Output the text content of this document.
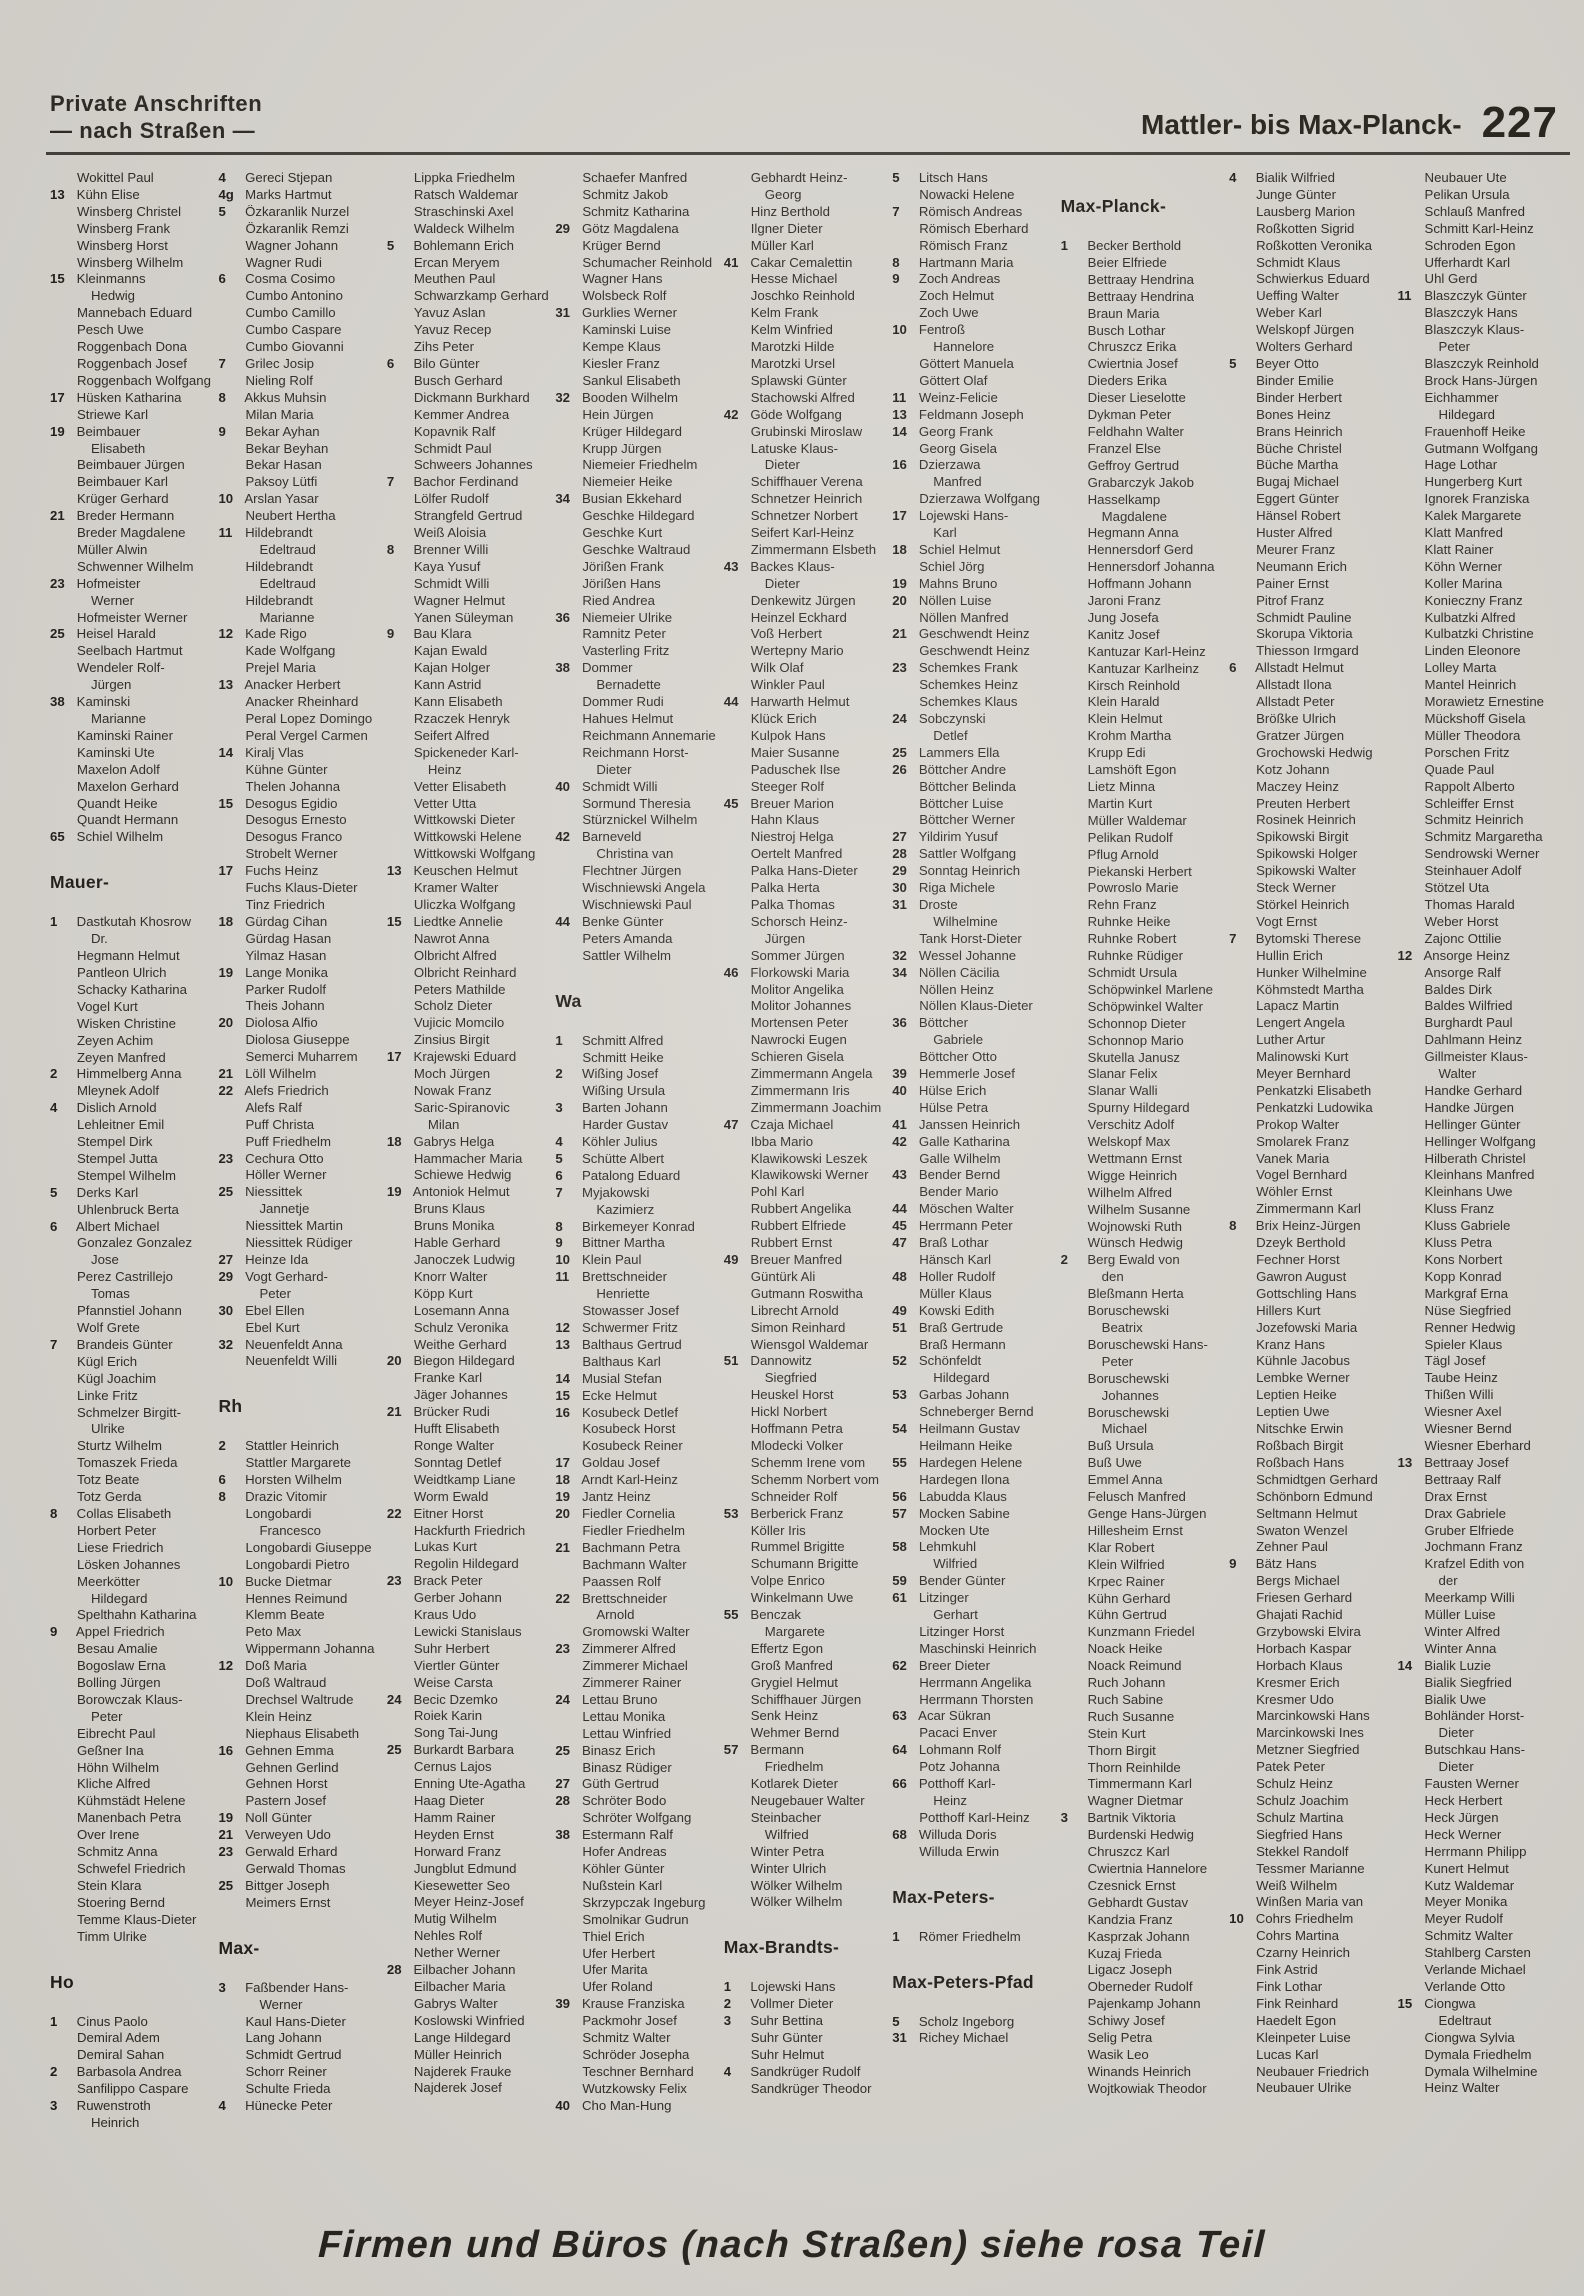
Private Anschriften
— nach Straßen —	Mattler- bis Max-Planck- 227
Wokittel Paul
13 Kühn Elise
Winsberg Christel
Winsberg Frank
Winsberg Horst
Winsberg Wilhelm
15 Kleinmanns
Hedwig
Mannebach Eduard
Pesch Uwe
Roggenbach Dona
Roggenbach Josef
Roggenbach Wolfgang
17 Hüsken Katharina
Striewe Karl
19 Beimbauer
Elisabeth
Beimbauer Jürgen
Beimbauer Karl
Krüger Gerhard
21 Breder Hermann
Breder Magdalene
Müller Alwin
Schwenner Wilhelm
23 Hofmeister
Werner
Hofmeister Werner
25 Heisel Harald
Seelbach Hartmut
Wendeler Rolf-
Jürgen
38 Kaminski
Marianne
Kaminski Rainer
Kaminski Ute
Maxelon Adolf
Maxelon Gerhard
Quandt Heike
Quandt Hermann
65 Schiel Wilhelm
Mauer-
1 Dastkutah Khosrow
Dr.
Hegmann Helmut
Pantleon Ulrich
Schacky Katharina
Vogel Kurt
Wisken Christine
Zeyen Achim
Zeyen Manfred
2 Himmelberg Anna
Mleynek Adolf
4 Dislich Arnold
Lehleitner Emil
Stempel Dirk
Stempel Jutta
Stempel Wilhelm
5 Derks Karl
Uhlenbruck Berta
6 Albert Michael
Gonzalez Gonzalez
Jose
Perez Castrillejo
Tomas
Pfannstiel Johann
Wolf Grete
7 Brandeis Günter
Kügl Erich
Kügl Joachim
Linke Fritz
Schmelzer Birgitt-
Ulrike
Sturtz Wilhelm
Tomaszek Frieda
Totz Beate
Totz Gerda
8 Collas Elisabeth
Horbert Peter
Liese Friedrich
Lösken Johannes
Meerkötter
Hildegard
Spelthahn Katharina
9 Appel Friedrich
Besau Amalie
Bogoslaw Erna
Bolling Jürgen
Borowczak Klaus-
Peter
Eibrecht Paul
Geßner Ina
Höhn Wilhelm
Kliche Alfred
Kühmstädt Helene
Manenbach Petra
Over Irene
Schmitz Anna
Schwefel Friedrich
Stein Klara
Stoering Bernd
Temme Klaus-Dieter
Timm Ulrike
Ho
1 Cinus Paolo
Demiral Adem
Demiral Sahan
2 Barbasola Andrea
Sanfilippo Caspare
3 Ruwenstroth
Heinrich
4 Gereci Stjepan
4g Marks Hartmut
5 Özkaranlik Nurzel
Özkaranlik Remzi
Wagner Johann
Wagner Rudi
6 Cosma Cosimo
Cumbo Antonino
Cumbo Camillo
Cumbo Caspare
Cumbo Giovanni
7 Grilec Josip
Nieling Rolf
8 Akkus Muhsin
Milan Maria
9 Bekar Ayhan
Bekar Beyhan
Bekar Hasan
Paksoy Lütfi
10 Arslan Yasar
Neubert Hertha
11 Hildebrandt
Edeltraud
Hildebrandt
Edeltraud
Hildebrandt
Marianne
12 Kade Rigo
Kade Wolfgang
Prejel Maria
13 Anacker Herbert
Anacker Rheinhard
Peral Lopez Domingo
Peral Vergel Carmen
14 Kiralj Vlas
Kühne Günter
Thelen Johanna
15 Desogus Egidio
Desogus Ernesto
Desogus Franco
Strobelt Werner
17 Fuchs Heinz
Fuchs Klaus-Dieter
Tinz Friedrich
18 Gürdag Cihan
Gürdag Hasan
Yilmaz Hasan
19 Lange Monika
Parker Rudolf
Theis Johann
20 Diolosa Alfio
Diolosa Giuseppe
Semerci Muharrem
21 Löll Wilhelm
22 Alefs Friedrich
Alefs Ralf
Puff Christa
Puff Friedhelm
23 Cechura Otto
Höller Werner
25 Niessittek
Jannetje
Niessittek Martin
Niessittek Rüdiger
27 Heinze Ida
29 Vogt Gerhard-
Peter
30 Ebel Ellen
Ebel Kurt
32 Neuenfeldt Anna
Neuenfeldt Willi
Rh
2 Stattler Heinrich
Stattler Margarete
6 Horsten Wilhelm
8 Drazic Vitomir
Longobardi
Francesco
Longobardi Giuseppe
Longobardi Pietro
10 Bucke Dietmar
Hennes Reimund
Klemm Beate
Peto Max
Wippermann Johanna
12 Doß Maria
Doß Waltraud
Drechsel Waltrude
Klein Heinz
Niephaus Elisabeth
16 Gehnen Emma
Gehnen Gerlind
Gehnen Horst
Pastern Josef
19 Noll Günter
21 Verweyen Udo
23 Gerwald Erhard
Gerwald Thomas
25 Bittger Joseph
Meimers Ernst
Max-
3 Faßbender Hans-
Werner
Kaul Hans-Dieter
Lang Johann
Schmidt Gertrud
Schorr Reiner
Schulte Frieda
4 Hünecke Peter
Lippka Friedhelm
Ratsch Waldemar
Straschinski Axel
Waldeck Wilhelm
5 Bohlemann Erich
Ercan Meryem
Meuthen Paul
Schwarzkamp Gerhard
Yavuz Aslan
Yavuz Recep
Zihs Peter
6 Bilo Günter
Busch Gerhard
Dickmann Burkhard
Kemmer Andrea
Kopavnik Ralf
Schmidt Paul
Schweers Johannes
7 Bachor Ferdinand
Lölfer Rudolf
Strangfeld Gertrud
Weiß Aloisia
8 Brenner Willi
Kaya Yusuf
Schmidt Willi
Wagner Helmut
Yanen Süleyman
9 Bau Klara
Kajan Ewald
Kajan Holger
Kann Astrid
Kann Elisabeth
Rzaczek Henryk
Seifert Alfred
Spickeneder Karl-
Heinz
Vetter Elisabeth
Vetter Utta
Wittkowski Dieter
Wittkowski Helene
Wittkowski Wolfgang
13 Keuschen Helmut
Kramer Walter
Uliczka Wolfgang
15 Liedtke Annelie
Nawrot Anna
Olbricht Alfred
Olbricht Reinhard
Peters Mathilde
Scholz Dieter
Vujicic Momcilo
Zinsius Birgit
17 Krajewski Eduard
Moch Jürgen
Nowak Franz
Saric-Spiranovic
Milan
18 Gabrys Helga
Hammacher Maria
Schiewe Hedwig
19 Antoniok Helmut
Bruns Klaus
Bruns Monika
Hable Gerhard
Janoczek Ludwig
Knorr Walter
Köpp Kurt
Losemann Anna
Schulz Veronika
Weithe Gerhard
20 Biegon Hildegard
Franke Karl
Jäger Johannes
21 Brücker Rudi
Hufft Elisabeth
Ronge Walter
Sonntag Detlef
Weidtkamp Liane
Worm Ewald
22 Eitner Horst
Hackfurth Friedrich
Lukas Kurt
Regolin Hildegard
23 Brack Peter
Gerber Johann
Kraus Udo
Lewicki Stanislaus
Suhr Herbert
Viertler Günter
Weise Carsta
24 Becic Dzemko
Roiek Karin
Song Tai-Jung
25 Burkardt Barbara
Cernus Lajos
Enning Ute-Agatha
Haag Dieter
Hamm Rainer
Heyden Ernst
Horward Franz
Jungblut Edmund
Kiesewetter Seo
Meyer Heinz-Josef
Mutig Wilhelm
Nehles Rolf
Nether Werner
28 Eilbacher Johann
Eilbacher Maria
Gabrys Walter
Koslowski Winfried
Lange Hildegard
Müller Heinrich
Najderek Frauke
Najderek Josef
Schaefer Manfred
Schmitz Jakob
Schmitz Katharina
29 Götz Magdalena
Krüger Bernd
Schumacher Reinhold
Wagner Hans
Wolsbeck Rolf
31 Gurklies Werner
Kaminski Luise
Kempe Klaus
Kiesler Franz
Sankul Elisabeth
32 Booden Wilhelm
Hein Jürgen
Krüger Hildegard
Krupp Jürgen
Niemeier Friedhelm
Niemeier Heike
34 Busian Ekkehard
Geschke Hildegard
Geschke Kurt
Geschke Waltraud
Jörißen Frank
Jörißen Hans
Ried Andrea
36 Niemeier Ulrike
Ramnitz Peter
Vasterling Fritz
38 Dommer
Bernadette
Dommer Rudi
Hahues Helmut
Reichmann Annemarie
Reichmann Horst-
Dieter
40 Schmidt Willi
Sormund Theresia
Stürznickel Wilhelm
42 Barneveld
Christina van
Flechtner Jürgen
Wischniewski Angela
Wischniewski Paul
44 Benke Günter
Peters Amanda
Sattler Wilhelm
Wa
1 Schmitt Alfred
Schmitt Heike
2 Wißing Josef
Wißing Ursula
3 Barten Johann
Harder Gustav
4 Köhler Julius
5 Schütte Albert
6 Patalong Eduard
7 Myjakowski
Kazimierz
8 Birkemeyer Konrad
9 Bittner Martha
10 Klein Paul
11 Brettschneider
Henriette
Stowasser Josef
12 Schwermer Fritz
13 Balthaus Gertrud
Balthaus Karl
14 Musial Stefan
15 Ecke Helmut
16 Kosubeck Detlef
Kosubeck Horst
Kosubeck Reiner
17 Goldau Josef
18 Arndt Karl-Heinz
19 Jantz Heinz
20 Fiedler Cornelia
Fiedler Friedhelm
21 Bachmann Petra
Bachmann Walter
Paassen Rolf
22 Brettschneider
Arnold
Gromowski Walter
23 Zimmerer Alfred
Zimmerer Michael
Zimmerer Rainer
24 Lettau Bruno
Lettau Monika
Lettau Winfried
25 Binasz Erich
Binasz Rüdiger
27 Güth Gertrud
28 Schröter Bodo
Schröter Wolfgang
38 Estermann Ralf
Hofer Andreas
Köhler Günter
Nußstein Karl
Skrzypczak Ingeburg
Smolnikar Gudrun
Thiel Erich
Ufer Herbert
Ufer Marita
Ufer Roland
39 Krause Franziska
Packmohr Josef
Schmitz Walter
Schröder Josepha
Teschner Bernhard
Wutzkowsky Felix
40 Cho Man-Hung
Gebhardt Heinz-
Georg
Hinz Berthold
Ilgner Dieter
Müller Karl
41 Cakar Cemalettin
Hesse Michael
Joschko Reinhold
Kelm Frank
Kelm Winfried
Marotzki Hilde
Marotzki Ursel
Splawski Günter
Stachowski Alfred
42 Göde Wolfgang
Grubinski Miroslaw
Latuske Klaus-
Dieter
Schiffhauer Verena
Schnetzer Heinrich
Schnetzer Norbert
Seifert Karl-Heinz
Zimmermann Elsbeth
43 Backes Klaus-
Dieter
Denkewitz Jürgen
Heinzel Eckhard
Voß Herbert
Wertepny Mario
Wilk Olaf
Winkler Paul
44 Harwarth Helmut
Klück Erich
Kulpok Hans
Maier Susanne
Paduschek Ilse
Steeger Rolf
45 Breuer Marion
Hahn Klaus
Niestroj Helga
Oertelt Manfred
Palka Hans-Dieter
Palka Herta
Palka Thomas
Schorsch Heinz-
Jürgen
Sommer Jürgen
46 Florkowski Maria
Molitor Angelika
Molitor Johannes
Mortensen Peter
Nawrocki Eugen
Schieren Gisela
Zimmermann Angela
Zimmermann Iris
Zimmermann Joachim
47 Czaja Michael
Ibba Mario
Klawikowski Leszek
Klawikowski Werner
Pohl Karl
Rubbert Angelika
Rubbert Elfriede
Rubbert Ernst
49 Breuer Manfred
Güntürk Ali
Gutmann Roswitha
Librecht Arnold
Simon Reinhard
Wiensgol Waldemar
51 Dannowitz
Siegfried
Heuskel Horst
Hickl Norbert
Hoffmann Petra
Mlodecki Volker
Schemm Irene vom
Schemm Norbert vom
Schneider Rolf
53 Berberick Franz
Köller Iris
Rummel Brigitte
Schumann Brigitte
Volpe Enrico
Winkelmann Uwe
55 Benczak
Margarete
Effertz Egon
Groß Manfred
Grygiel Helmut
Schiffhauer Jürgen
Senk Heinz
Wehmer Bernd
57 Bermann
Friedhelm
Kotlarek Dieter
Neugebauer Walter
Steinbacher
Wilfried
Winter Petra
Winter Ulrich
Wölker Wilhelm
Wölker Wilhelm
Max-Brandts-
1 Lojewski Hans
2 Vollmer Dieter
3 Suhr Bettina
Suhr Günter
Suhr Helmut
4 Sandkrüger Rudolf
Sandkrüger Theodor
5 Litsch Hans
Nowacki Helene
7 Römisch Andreas
Römisch Eberhard
Römisch Franz
8 Hartmann Maria
9 Zoch Andreas
Zoch Helmut
Zoch Uwe
10 Fentroß
Hannelore
Göttert Manuela
Göttert Olaf
11 Weinz-Felicie
13 Feldmann Joseph
14 Georg Frank
Georg Gisela
16 Dzierzawa
Manfred
Dzierzawa Wolfgang
17 Lojewski Hans-
Karl
18 Schiel Helmut
Schiel Jörg
19 Mahns Bruno
20 Nöllen Luise
Nöllen Manfred
21 Geschwendt Heinz
Geschwendt Heinz
23 Schemkes Frank
Schemkes Heinz
Schemkes Klaus
24 Sobczynski
Detlef
25 Lammers Ella
26 Böttcher Andre
Böttcher Belinda
Böttcher Luise
Böttcher Werner
27 Yildirim Yusuf
28 Sattler Wolfgang
29 Sonntag Heinrich
30 Riga Michele
31 Droste
Wilhelmine
Tank Horst-Dieter
32 Wessel Johanne
34 Nöllen Cäcilia
Nöllen Heinz
Nöllen Klaus-Dieter
36 Böttcher
Gabriele
Böttcher Otto
39 Hemmerle Josef
40 Hülse Erich
Hülse Petra
41 Janssen Heinrich
42 Galle Katharina
Galle Wilhelm
43 Bender Bernd
Bender Mario
44 Möschen Walter
45 Herrmann Peter
47 Braß Lothar
Hänsch Karl
48 Holler Rudolf
Müller Klaus
49 Kowski Edith
51 Braß Gertrude
Braß Hermann
52 Schönfeldt
Hildegard
53 Garbas Johann
Schneberger Bernd
54 Heilmann Gustav
Heilmann Heike
55 Hardegen Helene
Hardegen Ilona
56 Labudda Klaus
57 Mocken Sabine
Mocken Ute
58 Lehmkuhl
Wilfried
59 Bender Günter
61 Litzinger
Gerhart
Litzinger Horst
Maschinski Heinrich
62 Breer Dieter
Herrmann Angelika
Herrmann Thorsten
63 Acar Sükran
Pacaci Enver
64 Lohmann Rolf
Potz Johanna
66 Potthoff Karl-
Heinz
Potthoff Karl-Heinz
68 Willuda Doris
Willuda Erwin
Max-Peters-
1 Römer Friedhelm
Max-Peters-Pfad
5 Scholz Ingeborg
31 Richey Michael
Max-Planck-
1 Becker Berthold
Beier Elfriede
Bettraay Hendrina
Bettraay Hendrina
Braun Maria
Busch Lothar
Chruszcz Erika
Cwiertnia Josef
Dieders Erika
Dieser Lieselotte
Dykman Peter
Feldhahn Walter
Franzel Else
Geffroy Gertrud
Grabarczyk Jakob
Hasselkamp
Magdalene
Hegmann Anna
Hennersdorf Gerd
Hennersdorf Johanna
Hoffmann Johann
Jaroni Franz
Jung Josefa
Kanitz Josef
Kantuzar Karl-Heinz
Kantuzar Karlheinz
Kirsch Reinhold
Klein Harald
Klein Helmut
Krohm Martha
Krupp Edi
Lamshöft Egon
Lietz Minna
Martin Kurt
Müller Waldemar
Pelikan Rudolf
Pflug Arnold
Piekanski Herbert
Powroslo Marie
Rehn Franz
Ruhnke Heike
Ruhnke Robert
Ruhnke Rüdiger
Schmidt Ursula
Schöpwinkel Marlene
Schöpwinkel Walter
Schonnop Dieter
Schonnop Mario
Skutella Janusz
Slanar Felix
Slanar Walli
Spurny Hildegard
Verschitz Adolf
Welskopf Max
Wettmann Ernst
Wigge Heinrich
Wilhelm Alfred
Wilhelm Susanne
Wojnowski Ruth
Wünsch Hedwig
2 Berg Ewald von
den
Bleßmann Herta
Boruschewski
Beatrix
Boruschewski Hans-
Peter
Boruschewski
Johannes
Boruschewski
Michael
Buß Ursula
Buß Uwe
Emmel Anna
Felusch Manfred
Genge Hans-Jürgen
Hillesheim Ernst
Klar Robert
Klein Wilfried
Krpec Rainer
Kühn Gerhard
Kühn Gertrud
Kunzmann Friedel
Noack Heike
Noack Reimund
Ruch Johann
Ruch Sabine
Ruch Susanne
Stein Kurt
Thorn Birgit
Thorn Reinhilde
Timmermann Karl
Wagner Dietmar
3 Bartnik Viktoria
Burdenski Hedwig
Chruszcz Karl
Cwiertnia Hannelore
Czesnick Ernst
Gebhardt Gustav
Kandzia Franz
Kasprzak Johann
Kuzaj Frieda
Ligacz Joseph
Oberneder Rudolf
Pajenkamp Johann
Schiwy Josef
Selig Petra
Wasik Leo
Winands Heinrich
Wojtkowiak Theodor
4 Bialik Wilfried
Junge Günter
Lausberg Marion
Roßkotten Sigrid
Roßkotten Veronika
Schmidt Klaus
Schwierkus Eduard
Ueffing Walter
Weber Karl
Welskopf Jürgen
Wolters Gerhard
5 Beyer Otto
Binder Emilie
Binder Herbert
Bones Heinz
Brans Heinrich
Büche Christel
Büche Martha
Bugaj Michael
Eggert Günter
Hänsel Robert
Huster Alfred
Meurer Franz
Neumann Erich
Painer Ernst
Pitrof Franz
Schmidt Pauline
Skorupa Viktoria
Thiesson Irmgard
6 Allstadt Helmut
Allstadt Ilona
Allstadt Peter
Brößke Ulrich
Gratzer Jürgen
Grochowski Hedwig
Kotz Johann
Maczey Heinz
Preuten Herbert
Rosinek Heinrich
Spikowski Birgit
Spikowski Holger
Spikowski Walter
Steck Werner
Störkel Heinrich
Vogt Ernst
7 Bytomski Therese
Hullin Erich
Hunker Wilhelmine
Köhmstedt Martha
Lapacz Martin
Lengert Angela
Luther Artur
Malinowski Kurt
Meyer Bernhard
Penkatzki Elisabeth
Penkatzki Ludowika
Prokop Walter
Smolarek Franz
Vanek Maria
Vogel Bernhard
Wöhler Ernst
Zimmermann Karl
8 Brix Heinz-Jürgen
Dzeyk Berthold
Fechner Horst
Gawron August
Gottschling Hans
Hillers Kurt
Jozefowski Maria
Kranz Hans
Kühnle Jacobus
Lembke Werner
Leptien Heike
Leptien Uwe
Nitschke Erwin
Roßbach Birgit
Roßbach Hans
Schmidtgen Gerhard
Schönborn Edmund
Seltmann Helmut
Swaton Wenzel
Zehner Paul
9 Bätz Hans
Bergs Michael
Friesen Gerhard
Ghajati Rachid
Grzybowski Elvira
Horbach Kaspar
Horbach Klaus
Kresmer Erich
Kresmer Udo
Marcinkowski Hans
Marcinkowski Ines
Metzner Siegfried
Patek Peter
Schulz Heinz
Schulz Joachim
Schulz Martina
Siegfried Hans
Stekkel Randolf
Tessmer Marianne
Weiß Wilhelm
Winßen Maria van
10 Cohrs Friedhelm
Cohrs Martina
Czarny Heinrich
Fink Astrid
Fink Lothar
Fink Reinhard
Haedelt Egon
Kleinpeter Luise
Lucas Karl
Neubauer Friedrich
Neubauer Ulrike
Neubauer Ute
Pelikan Ursula
Schlauß Manfred
Schmitt Karl-Heinz
Schroden Egon
Ufferhardt Karl
Uhl Gerd
11 Blaszczyk Günter
Blaszczyk Hans
Blaszczyk Klaus-
Peter
Blaszczyk Reinhold
Brock Hans-Jürgen
Eichhammer
Hildegard
Frauenhoff Heike
Gutmann Wolfgang
Hage Lothar
Hungerberg Kurt
Ignorek Franziska
Kalek Margarete
Klatt Manfred
Klatt Rainer
Köhn Werner
Koller Marina
Konieczny Franz
Kulbatzki Alfred
Kulbatzki Christine
Linden Eleonore
Lolley Marta
Mantel Heinrich
Morawietz Ernestine
Mückshoff Gisela
Müller Theodora
Porschen Fritz
Quade Paul
Rappolt Alberto
Schleiffer Ernst
Schmitz Heinrich
Schmitz Margaretha
Sendrowski Werner
Steinhauer Adolf
Stötzel Uta
Thomas Harald
Weber Horst
Zajonc Ottilie
12 Ansorge Heinz
Ansorge Ralf
Baldes Dirk
Baldes Wilfried
Burghardt Paul
Dahlmann Heinz
Gillmeister Klaus-
Walter
Handke Gerhard
Handke Jürgen
Hellinger Günter
Hellinger Wolfgang
Hilberath Christel
Kleinhans Manfred
Kleinhans Uwe
Kluss Franz
Kluss Gabriele
Kluss Petra
Kons Norbert
Kopp Konrad
Markgraf Erna
Nüse Siegfried
Renner Hedwig
Spieler Klaus
Tägl Josef
Taube Heinz
Thißen Willi
Wiesner Axel
Wiesner Bernd
Wiesner Eberhard
13 Bettraay Josef
Bettraay Ralf
Drax Ernst
Drax Gabriele
Gruber Elfriede
Jochmann Franz
Krafzel Edith von
der
Meerkamp Willi
Müller Luise
Winter Alfred
Winter Anna
14 Bialik Luzie
Bialik Siegfried
Bialik Uwe
Bohländer Horst-
Dieter
Butschkau Hans-
Dieter
Fausten Werner
Heck Herbert
Heck Jürgen
Heck Werner
Herrmann Philipp
Kunert Helmut
Kutz Waldemar
Meyer Monika
Meyer Rudolf
Schmitz Walter
Stahlberg Carsten
Verlande Michael
Verlande Otto
15 Ciongwa
Edeltraut
Ciongwa Sylvia
Dymala Friedhelm
Dymala Wilhelmine
Heinz Walter
Firmen und Büros (nach Straßen) siehe rosa Teil
